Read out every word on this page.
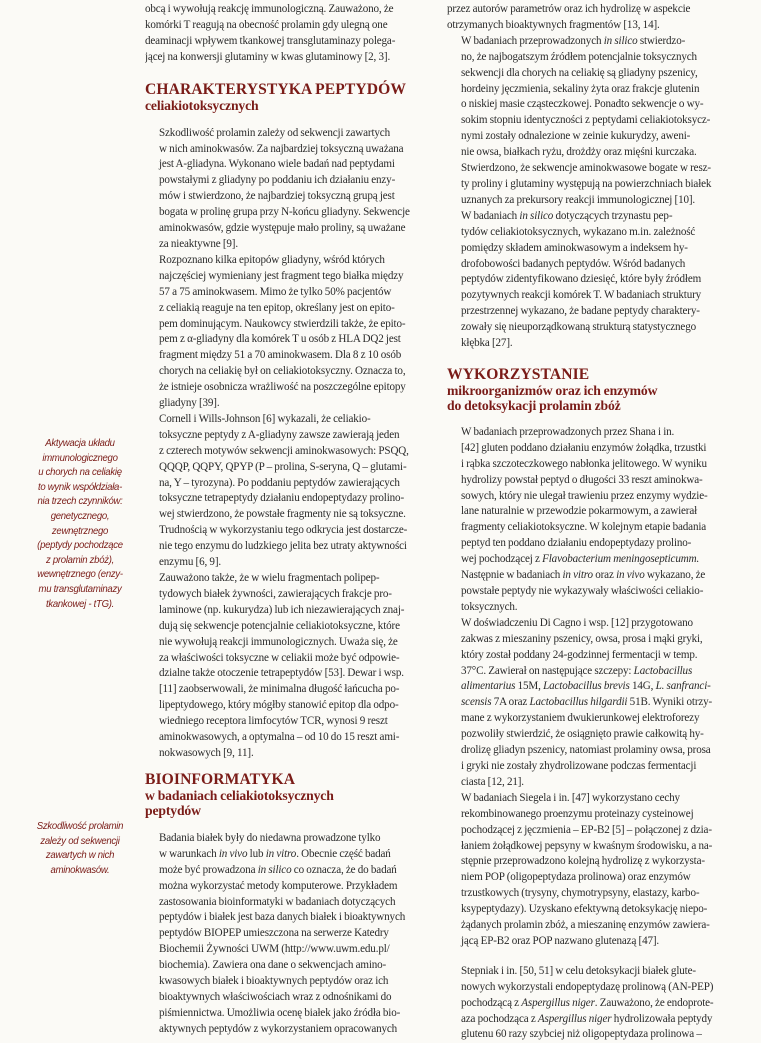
Aktywacja układu
immunologicznego
u chorych na celiakię
to wynik współdziała-
nia trzech czynników:
genetycznego,
zewnętrznego
(peptydy pochodzące
z prolamin zbóż),
wewnętrznego (enzy-
mu transglutaminazy
tkankowej - tTG).
Szkodliwość prolamin
zależy od sekwencji
zawartych w nich
aminokwasów.

obcą i wywołują reakcję immunologiczną. Zauważono, że
komórki T reagują na obecność prolamin gdy ulegną one
deaminacji wpływem tkankowej transglutaminazy polega-
jącej na konwersji glutaminy w kwas glutaminowy [2, 3].

CHARAKTERYSTYKA PEPTYDÓW
celiakiotoksycznych

Szkodliwość prolamin zależy od sekwencji zawartych
w nich aminokwasów. Za najbardziej toksyczną uważana
jest A-gliadyna. Wykonano wiele badań nad peptydami
powstałymi z gliadyny po poddaniu ich działaniu enzy-
mów i stwierdzono, że najbardziej toksyczną grupą jest
bogata w prolinę grupa przy N-końcu gliadyny. Sekwencje
aminokwasów, gdzie występuje mało proliny, są uważane
za nieaktywne [9].

Rozpoznano kilka epitopów gliadyny, wśród których
najczęściej wymieniany jest fragment tego białka między
57 a 75 aminokwasem. Mimo że tylko 50% pacjentów
z celiakią reaguje na ten epitop, określany jest on epito-
pem dominującym. Naukowcy stwierdzili także, że epito-
pem z α-gliadyny dla komórek T u osób z HLA DQ2 jest
fragment między 51 a 70 aminokwasem. Dla 8 z 10 osób
chorych na celiakię był on celiakiotoksyczny. Oznacza to,
że istnieje osobnicza wrażliwość na poszczególne epitopy
gliadyny [39].

Cornell i Wills-Johnson [6] wykazali, że celiakio-
toksyczne peptydy z A-gliadyny zawsze zawierają jeden
z czterech motywów sekwencji aminokwasowych: PSQQ,
QQQP, QQPY, QPYP (P – prolina, S-seryna, Q – glutami-
na, Y – tyrozyna). Po poddaniu peptydów zawierających
toksyczne tetrapeptydy działaniu endopeptydazy prolino-
wej stwierdzono, że powstałe fragmenty nie są toksyczne.
Trudnością w wykorzystaniu tego odkrycia jest dostarcze-
nie tego enzymu do ludzkiego jelita bez utraty aktywności
enzymu [6, 9].

Zauważono także, że w wielu fragmentach polipep-
tydowych białek żywności, zawierających frakcje pro-
laminowe (np. kukurydza) lub ich niezawierających znaj-
dują się sekwencje potencjalnie celiakiotoksyczne, które
nie wywołują reakcji immunologicznych. Uważa się, że
za właściwości toksyczne w celiakii może być odpowie-
dzialne także otoczenie tetrapeptydów [53]. Dewar i wsp.
[11] zaobserwowali, że minimalna długość łańcucha po-
lipeptydowego, który mógłby stanowić epitop dla odpo-
wiedniego receptora limfocytów TCR, wynosi 9 reszt
aminokwasowych, a optymalna – od 10 do 15 reszt ami-
nokwasowych [9, 11].

BIOINFORMATYKA
w badaniach celiakiotoksycznych
peptydów

Badania białek były do niedawna prowadzone tylko
w warunkach in vivo lub in vitro. Obecnie część badań
może być prowadzona in silico co oznacza, że do badań
można wykorzystać metody komputerowe. Przykładem
zastosowania bioinformatyki w badaniach dotyczących
peptydów i białek jest baza danych białek i bioaktywnych
peptydów BIOPEP umieszczona na serwerze Katedry
Biochemii Żywności UWM (http://www.uwm.edu.pl/
biochemia). Zawiera ona dane o sekwencjach amino-
kwasowych białek i bioaktywnych peptydów oraz ich
bioaktywnych właściwościach wraz z odnośnikami do
piśmiennictwa. Umożliwia ocenę białek jako źródła bio-
aktywnych peptydów z wykorzystaniem opracowanych

przez autorów parametrów oraz ich hydrolizę w aspekcie
otrzymanych bioaktywnych fragmentów [13, 14].

W badaniach przeprowadzonych in silico stwierdzo-
no, że najbogatszym źródłem potencjalnie toksycznych
sekwencji dla chorych na celiakię są gliadyny pszenicy,
hordeiny jęczmienia, sekaliny żyta oraz frakcje glutenin
o niskiej masie cząsteczkowej. Ponadto sekwencje o wy-
sokim stopniu identyczności z peptydami celiakiotoksycz-
nymi zostały odnalezione w zeinie kukurydzy, aweni-
nie owsa, białkach ryżu, drożdży oraz mięśni kurczaka.
Stwierdzono, że sekwencje aminokwasowe bogate w resz-
ty proliny i glutaminy występują na powierzchniach białek
uznanych za prekursory reakcji immunologicznej [10].

W badaniach in silico dotyczących trzynastu pep-
tydów celiakiotoksycznych, wykazano m.in. zależność
pomiędzy składem aminokwasowym a indeksem hy-
drofobowości badanych peptydów. Wśród badanych
peptydów zidentyfikowano dziesięć, które były źródłem
pozytywnych reakcji komórek T. W badaniach struktury
przestrzennej wykazano, że badane peptydy charaktery-
zowały się nieuporządkowaną strukturą statystycznego
kłębka [27].

WYKORZYSTANIE
mikroorganizmów oraz ich enzymów
do detoksykacji prolamin zbóż

W badaniach przeprowadzonych przez Shana i in.
[42] gluten poddano działaniu enzymów żołądka, trzustki
i rąbka szczoteczkowego nabłonka jelitowego. W wyniku
hydrolizy powstał peptyd o długości 33 reszt aminokwa-
sowych, który nie ulegał trawieniu przez enzymy wydzie-
lane naturalnie w przewodzie pokarmowym, a zawierał
fragmenty celiakiotoksyczne. W kolejnym etapie badania
peptyd ten poddano działaniu endopeptydazy prolino-
wej pochodzącej z Flavobacterium meningosepticumm.
Następnie w badaniach in vitro oraz in vivo wykazano, że
powstałe peptydy nie wykazywały właściwości celiakio-
toksycznych.

W doświadczeniu Di Cagno i wsp. [12] przygotowano
zakwas z mieszaniny pszenicy, owsa, prosa i mąki gryki,
który został poddany 24-godzinnej fermentacji w temp.
37°C. Zawierał on następujące szczepy: Lactobacillus
alimentarius 15M, Lactobacillus brevis 14G, L. sanfranci-
scensis 7A oraz Lactobacillus hilgardii 51B. Wyniki otrzy-
mane z wykorzystaniem dwukierunkowej elektroforezy
pozwoliły stwierdzić, że osiągnięto prawie całkowitą hy-
drolizę gliadyn pszenicy, natomiast prolaminy owsa, prosa
i gryki nie zostały zhydrolizowane podczas fermentacji
ciasta [12, 21].

W badaniach Siegela i in. [47] wykorzystano cechy
rekombinowanego proenzymu proteinazy cysteinowej
pochodzącej z jęczmienia – EP-B2 [5] – połączonej z dzia-
łaniem żołądkowej pepsyny w kwaśnym środowisku, a na-
stępnie przeprowadzono kolejną hydrolizę z wykorzysta-
niem POP (oligopeptydaza prolinowa) oraz enzymów
trzustkowych (trysyny, chymotrypsyny, elastazy, karbo-
ksypeptydazy). Uzyskano efektywną detoksykację niepo-
żądanych prolamin zbóż, a mieszaninę enzymów zawiera-
jącą EP-B2 oraz POP nazwano glutenazą [47].

Stepniak i in. [50, 51] w celu detoksykacji białek glute-
nowych wykorzystali endopeptydazę prolinową (AN-PEP)
pochodzącą z Aspergillus niger. Zauważono, że endoprote-
aza pochodząca z Aspergillus niger hydrolizowała peptydy
glutenu 60 razy szybciej niż oligopeptydaza prolinowa –
